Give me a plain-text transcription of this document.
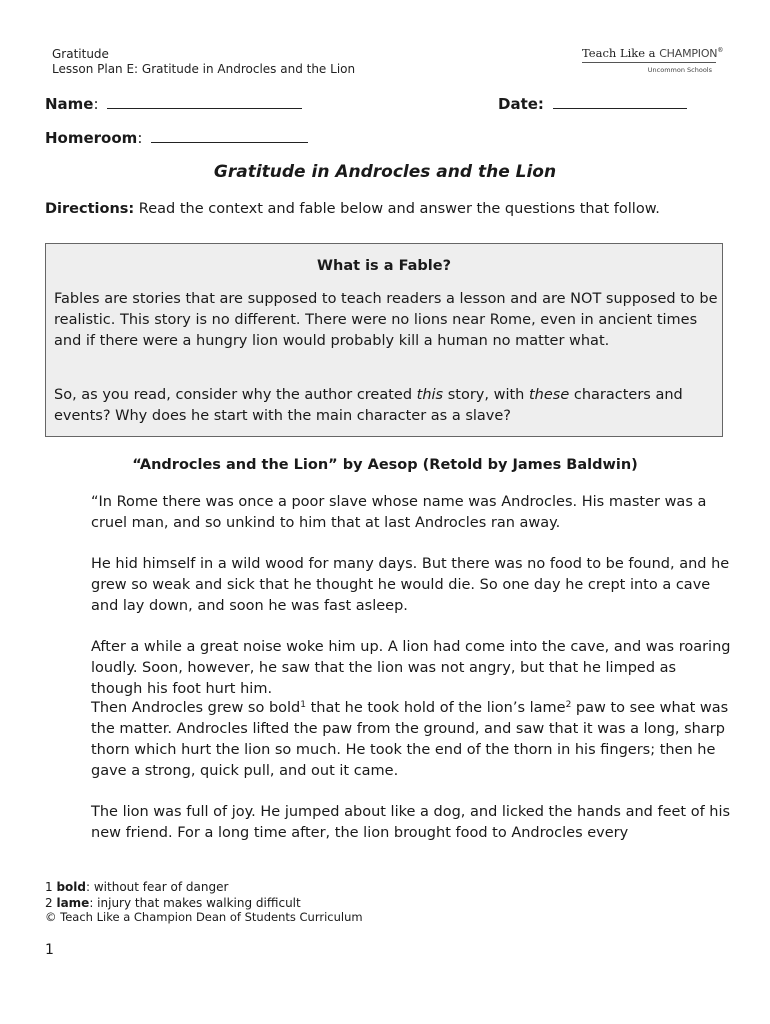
Gratitude
Lesson Plan E: Gratitude in Androcles and the Lion
Teach Like a CHAMPION®
Uncommon Schools
Name:	Date:
Homeroom:
Gratitude in Androcles and the Lion
Directions: Read the context and fable below and answer the questions that follow.
What is a Fable?

Fables are stories that are supposed to teach readers a lesson and are NOT supposed to be realistic. This story is no different. There were no lions near Rome, even in ancient times and if there were a hungry lion would probably kill a human no matter what.

So, as you read, consider why the author created this story, with these characters and events? Why does he start with the main character as a slave?

“Androcles and the Lion” by Aesop (Retold by James Baldwin)

“In Rome there was once a poor slave whose name was Androcles. His master was a cruel man, and so unkind to him that at last Androcles ran away.

He hid himself in a wild wood for many days. But there was no food to be found, and he grew so weak and sick that he thought he would die. So one day he crept into a cave and lay down, and soon he was fast asleep.

After a while a great noise woke him up. A lion had come into the cave, and was roaring loudly. Soon, however, he saw that the lion was not angry, but that he limped as though his foot hurt him.

Then Androcles grew so bold$^1$ that he took hold of the lion’s lame$^2$ paw to see what was the matter. Androcles lifted the paw from the ground, and saw that it was a long, sharp thorn which hurt the lion so much. He took the end of the thorn in his fingers; then he gave a strong, quick pull, and out it came.

The lion was full of joy. He jumped about like a dog, and licked the hands and feet of his new friend. For a long time after, the lion brought food to Androcles every

1 bold: without fear of danger
2 lame: injury that makes walking difficult
© Teach Like a Champion Dean of Students Curriculum
1
